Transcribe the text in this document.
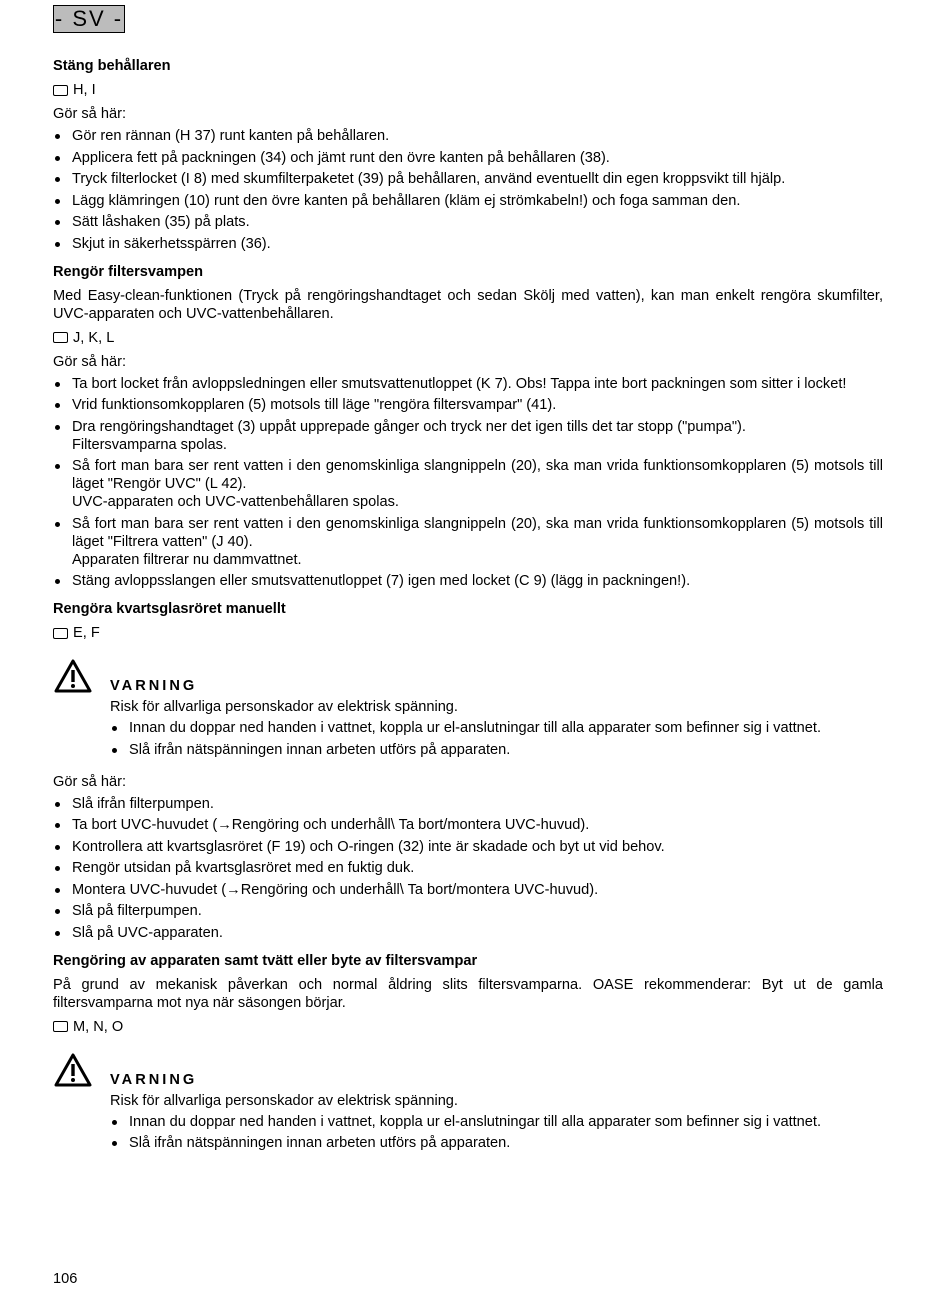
- SV -
Stäng behållaren
H, I

Gör så här:

Gör ren rännan (H 37) runt kanten på behållaren.
Applicera fett på packningen (34) och jämt runt den övre kanten på behållaren (38).
Tryck filterlocket (I 8) med skumfilterpaketet (39) på behållaren, använd eventuellt din egen kroppsvikt till hjälp.
Lägg klämringen (10) runt den övre kanten på behållaren (kläm ej strömkabeln!) och foga samman den.
Sätt låshaken (35) på plats.
Skjut in säkerhetsspärren (36).
Rengör filtersvampen

Med Easy-clean-funktionen (Tryck på rengöringshandtaget och sedan Skölj med vatten), kan man enkelt rengöra skumfilter, UVC-apparaten och UVC-vattenbehållaren.

J, K, L

Gör så här:

Ta bort locket från avloppsledningen eller smutsvattenutloppet (K 7). Obs! Tappa inte bort packningen som sitter i locket!
Vrid funktionsomkopplaren (5) motsols till läge "rengöra filtersvampar" (41).
Dra rengöringshandtaget (3) uppåt upprepade gånger och tryck ner det igen tills det tar stopp ("pumpa").
Filtersvamparna spolas.
Så fort man bara ser rent vatten i den genomskinliga slangnippeln (20), ska man vrida funktionsomkopplaren (5) motsols till läget "Rengör UVC" (L 42).
UVC-apparaten och UVC-vattenbehållaren spolas.
Så fort man bara ser rent vatten i den genomskinliga slangnippeln (20), ska man vrida funktionsomkopplaren (5) motsols till läget "Filtrera vatten" (J 40).
Apparaten filtrerar nu dammvattnet.
Stäng avloppsslangen eller smutsvattenutloppet (7) igen med locket (C 9) (lägg in packningen!).
Rengöra kvartsglasröret manuellt
E, F
VARNING

Risk för allvarliga personskador av elektrisk spänning.

Innan du doppar ned handen i vattnet, koppla ur el-anslutningar till alla apparater som befinner sig i vattnet.
Slå ifrån nätspänningen innan arbeten utförs på apparaten.

Gör så här:

Slå ifrån filterpumpen.
Ta bort UVC-huvudet (→Rengöring och underhåll\ Ta bort/montera UVC-huvud).
Kontrollera att kvartsglasröret (F 19) och O-ringen (32) inte är skadade och byt ut vid behov.
Rengör utsidan på kvartsglasröret med en fuktig duk.
Montera UVC-huvudet (→Rengöring och underhåll\ Ta bort/montera UVC-huvud).
Slå på filterpumpen.
Slå på UVC-apparaten.
Rengöring av apparaten samt tvätt eller byte av filtersvampar

På grund av mekanisk påverkan och normal åldring slits filtersvamparna. OASE rekommenderar: Byt ut de gamla filtersvamparna mot nya när säsongen börjar.

M, N, O
VARNING

Risk för allvarliga personskador av elektrisk spänning.

Innan du doppar ned handen i vattnet, koppla ur el-anslutningar till alla apparater som befinner sig i vattnet.
Slå ifrån nätspänningen innan arbeten utförs på apparaten.
106
